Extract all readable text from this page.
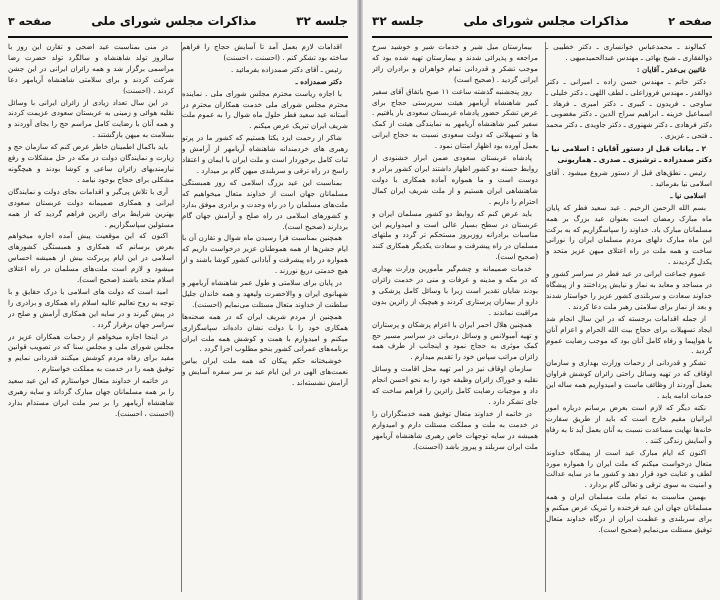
جلسه ۳۲
مذاکرات مجلس شورای ملی
صفحه ۳

اقدامات لازم بعمل آمد تا آسایش حجاج را فراهم ساخته بود تشکر کنم . (احسنت ، احسنت)

رئیس ـ آقای دکتر صمدزاده بفرمائید .

دکتر صمدزاده ـ

با اجازه ریاست محترم مجلس شورای ملی . نماینده محترم مجلس شورای ملی خدمت همکاران محترم در آستانه عید سعید فطر حلول ماه شوال را به عموم ملت شریف ایران تبریک عرض میکنم .

شاکر از رحمت ایزد یکتا هستیم که کشور ما در پرتو رهبری های خردمندانه شاهنشاه آریامهر از آرامش و ثبات کامل برخوردار است و ملت ایران با ایمان و اعتقاد راسخ در راه ترقی و سربلندی میهن گام بر میدارد .

بمناسبت این عید بزرگ اسلامی که روز همبستگی مسلمانان جهان است از خداوند متعال میخواهیم که ملت‌های مسلمان را در راه وحدت و برادری موفق بدارد و کشورهای اسلامی در راه صلح و آرامش جهان گام بردارند (صحیح است).

همچنین بمناسبت فرا رسیدن ماه شوال و تقارن آن با ایام جشن‌ها از همه هموطنان عزیز درخواست داریم که همواره در راه پیشرفت و آبادانی کشور کوشا باشند و از هیچ خدمتی دریغ نورزند .

در پایان برای سلامتی و طول عمر شاهنشاه آریامهر و شهبانوی ایران و والاحضرت ولیعهد و همه خاندان جلیل سلطنت از خداوند متعال مسئلت می‌نمایم (احسنت).

همچنین از مردم شریف ایران که در همه صحنه‌ها همکاری خود را با دولت نشان داده‌اند سپاسگزاری میکنم و امیدوارم با همت و کوشش همه ملت ایران برنامه‌های عمرانی کشور بنحو مطلوب اجرا گردد .

خوشبختانه حکم پیکان که همه ملت ایران بیاس نعمت‌های الهی در این ایام عید بر سر سفره آسایش و آرامش نشسته‌اند .

در منی بمناسبت عید اضحی و تقارن این روز با سالروز تولد شاهنشاه و سالگرد تولد حضرت رضا مراسمی برگزار شد و همه زائران ایرانی در این جشن شرکت کردند و برای سلامتی شاهنشاه آریامهر دعا کردند . (احسنت)

در این سال تعداد زیادی از زائران ایرانی با وسائل نقلیه هوائی و زمینی به عربستان سعودی عزیمت کردند و همه آنان با رضایت کامل مراسم حج را بجای آوردند و بسلامت به میهن بازگشتند .

باید باکمال اطمینان خاطر عرض کنم که سازمان حج و زیارت و نمایندگان دولت در مکه در حل مشکلات و رفع نیازمندیهای زائران ساعی و کوشا بودند و هیچگونه مشکلی برای حجاج بوجود نیامد .

آری با تلاش پی‌گیر و اقدامات بجای دولت و نمایندگان ایرانی و همکاری صمیمانه دولت عربستان سعودی بهترین شرایط برای زائرین فراهم گردید که از همه مسئولین سپاسگزاریم .

اکنون که این موقعیت پیش آمده اجازه میخواهم بعرض برسانم که همکاری و همبستگی کشورهای اسلامی در این ایام پربرکت بیش از همیشه احساس میشود و لازم است ملت‌های مسلمان در راه اعتلای اسلام متحد باشند (صحیح است).

امید است که دولت های اسلامی با درک حقایق و با توجه به روح تعالیم عالیه اسلام راه همکاری و برادری را در پیش گیرند و در سایه این همکاری آرامش و صلح در سراسر جهان برقرار گردد .

در اینجا اجازه میخواهم از زحمات همکاران عزیز در مجلس شورای ملی و مجلس سنا که در تصویب قوانین مفید برای رفاه مردم کوشش میکنند قدردانی نمایم و توفیق همه را در خدمت به مملکت خواستارم .

در خاتمه از خداوند متعال خواستارم که این عید سعید را بر همه مسلمانان جهان مبارک گرداند و سایه رهبری شاهنشاه آریامهر را بر سر ملت ایران مستدام بدارد (احسنت ، احسنت).

صفحه ۲
مذاکرات مجلس شورای ملی
جلسه ۳۲

کمالوند ـ محمدعباس خوانساری ـ دکتر خطیبی ـ ذوالفقاری ـ شیخ بهائی ـ مهندس عبدالحمیدمیهی .

غائبین بی‌عذر ـ آقایان :

دکتر حاتم ـ مهندس حسن زاده ـ امیرانی ـ دکتر ذوالقدر ـ مهندس فروزاعلی ـ لطف اللهی ـ دکتر خلیلی ـ ساوجی ـ فریدون ـ کبیری ـ دکتر امیری ـ فرهاد ـ اسماعیل خزینه ـ ابراهیم سراج الدین ـ دکتر مغضوبی ـ دکتر فرهادی ـ دکتر شهنوری ـ دکتر جاویدی ـ دکتر محمد ـ فتحی ـ عزیزی .

۲ ـ بیانات قبل از دستور آقایان : اسلامی نیا ـ دکتر صمدزاده ـ ترشیزی ـ صدری ـ هماریونی

رئیس ـ نطق‌های قبل از دستور شروع میشود . آقای اسلامی نیا بفرمائید .

اسلامی نیا ـ

بسم الله الرحمن الرحیم . عید سعید فطر که پایان ماه مبارک رمضان است بعنوان عید بزرگ بر همه مسلمانان مبارک باد. خداوند را سپاسگزاریم که به برکت این ماه مبارک دلهای مردم مسلمان ایران را نورانی ساخت و همه ملت در راه اعتلای میهن عزیز متحد و یکدل گردیدند .

عموم جماعت ایرانی در عید فطر در سراسر کشور و در مساجد و معابد به نماز و نیایش پرداختند و از پیشگاه خداوند سعادت و سربلندی کشور عزیز را خواستار شدند و بعد از نماز برای سلامتی رهبر ملت دعا کردند .

از جمله اقدامات برجسته که در این سال انجام شد ایجاد تسهیلات برای حجاج بیت الله الحرام و اعزام آنان با هواپیما و رفاه کامل آنان بود که موجب رضایت عموم گردید .

تشکر و قدردانی از زحمات وزارت بهداری و سازمان اوقاف که در تهیه وسائل راحتی زائران کوشش فراوان بعمل آوردند از وظائف ماست و امیدواریم همه ساله این خدمات ادامه یابد .

نکته دیگر که لازم است بعرض برسانم درباره امور ایرانیان مقیم خارج است که باید از طریق سفارت خانه‌ها نهایت مساعدت نسبت به آنان بعمل آید تا به رفاه و آسایش زندگی کنند .

اکنون که ایام مبارک عید است از پیشگاه خداوند متعال درخواست میکنم که ملت ایران را همواره مورد لطف و عنایت خود قرار دهد و کشور ما در سایه عدالت و امنیت به سوی ترقی و تعالی گام بردارد .

بهمین مناسبت به تمام ملت مسلمان ایران و همه مسلمانان جهان این عید فرخنده را تبریک عرض میکنم و برای سربلندی و عظمت ایران از درگاه خداوند متعال توفیق مسئلت می‌نمایم (صحیح است).

بیمارستان میل شیر و خدمات شیر و خوشید سرخ مراجعه و پذیرائی شدند و بیمارستان تهیه شده بود که موجب تشکر و قدردانی تمام خواهران و برادران زائر ایرانی گردید . (صحیح است)

روز پنجشنبه گذشته ساعت ۱۱ صبح باتفاق آقای سفیر کبیر شاهنشاه آریامهر هیئت سرپرستی حجاج برای عرض تشکر حضور پادشاه عربستان سعودی بار یافتیم . سفیر کبیر شاهنشاه آریامهر به نمایندگی هیئت از کمک ها و تسهیلاتی که دولت سعودی نسبت به حجاج ایرانی بعمل آورده بود اظهار امتنان نمود .

پادشاه عربستان سعودی ضمن ابراز خشنودی از روابط حسنه دو کشور اظهار داشتند ایران کشور برادر و دوست است و ما همواره آماده همکاری با دولت شاهنشاهی ایران هستیم و از ملت شریف ایران کمال احترام را داریم .

باید عرض کنم که روابط دو کشور مسلمان ایران و عربستان در سطح بسیار عالی است و امیدواریم این مناسبات برادرانه روزبروز مستحکم تر گردد و ملتهای مسلمان در راه پیشرفت و سعادت یکدیگر همکاری کنند (صحیح است).

خدمات صمیمانه و چشم‌گیر مأمورین وزارت بهداری که در مکه و مدینه و عرفات و منی در خدمت زائران بودند شایان تقدیر است زیرا با وسائل کامل پزشکی و دارو از بیماران پرستاری کردند و هیچیک از زائرین بدون مراقبت نماندند .

همچنین هلال احمر ایران با اعزام پزشکان و پرستاران و تهیه آمبولانس و وسائل درمانی در سراسر مسیر حج کمک موثری به حجاج نمود و اینجانب از طرف همه زائران مراتب سپاس خود را تقدیم میدارم .

سازمان اوقاف نیز در امر تهیه محل اقامت و وسائل نقلیه و خوراک زائران وظیفه خود را به نحو احسن انجام داد و موجبات رضایت کامل زائرین را فراهم ساخت که جای تشکر دارد .

در خاتمه از خداوند متعال توفیق همه خدمتگزاران را در خدمت به ملت و مملکت مسئلت دارم و امیدوارم همیشه در سایه توجهات خاص رهبری شاهنشاه آریامهر ملت ایران سربلند و پیروز باشد (احسنت).
